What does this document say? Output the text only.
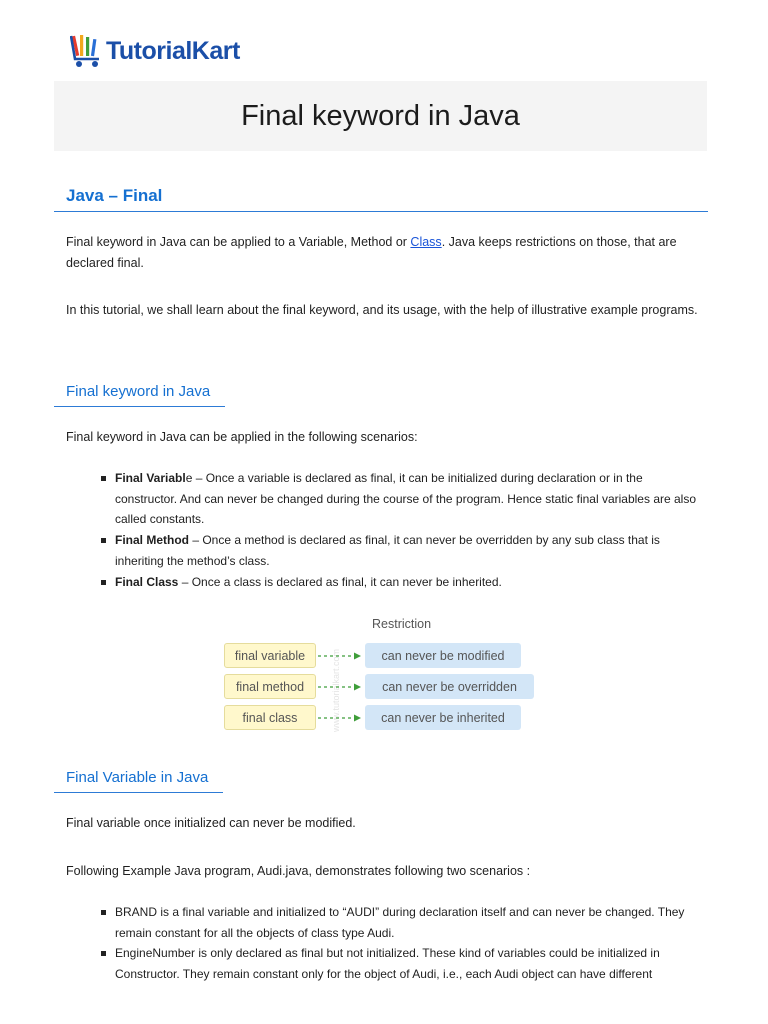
TutorialKart
Final keyword in Java
Java – Final

Final keyword in Java can be applied to a Variable, Method or Class. Java keeps restrictions on those, that are declared final.

In this tutorial, we shall learn about the final keyword, and its usage, with the help of illustrative example programs.

Final keyword in Java

Final keyword in Java can be applied in the following scenarios:

Final Variable – Once a variable is declared as final, it can be initialized during declaration or in the constructor. And can never be changed during the course of the program. Hence static final variables are also called constants.
Final Method – Once a method is declared as final, it can never be overridden by any sub class that is inheriting the method’s class.
Final Class – Once a class is declared as final, it can never be inherited.
www.tutorialkart.com
Restriction
final variable	can never be modified
final method	can never be overridden
final class	can never be inherited
Final Variable in Java

Final variable once initialized can never be modified.

Following Example Java program, Audi.java, demonstrates following two scenarios :

BRAND is a final variable and initialized to “AUDI” during declaration itself and can never be changed. They remain constant for all the objects of class type Audi.
EngineNumber is only declared as final but not initialized. These kind of variables could be initialized in Constructor. They remain constant only for the object of Audi, i.e., each Audi object can have different
